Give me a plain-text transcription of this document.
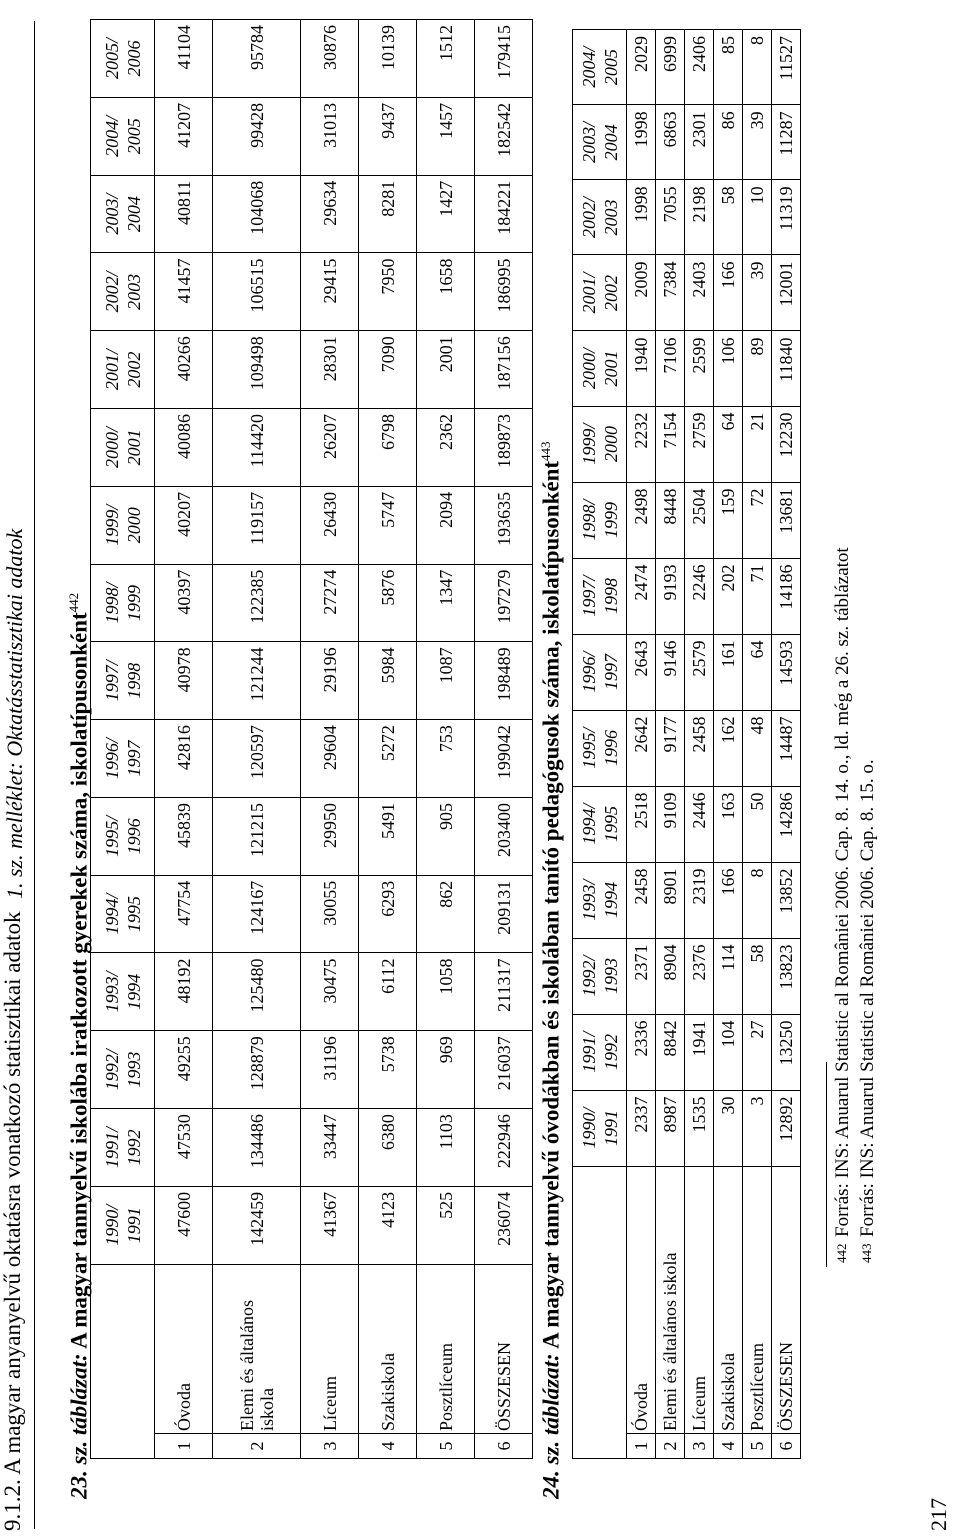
1. sz. melléklet: Oktatásstatisztikai adatok
217
9.1.2. A magyar anyanyelvű oktatásra vonatkozó statisztikai adatok 23. sz. táblázat: A magyar tannyelvű iskolába iratkozott gyerekek száma, iskolatípusonként$^{442}$
		1990/ 1991	1991/ 1992	1992/ 1993	1993/ 1994	1994/ 1995	1995/ 1996	1996/ 1997	1997/ 1998	1998/ 1999	1999/ 2000	2000/ 2001	2001/ 2002	2002/ 2003	2003/ 2004	2004/ 2005	2005/ 2006
1	Óvoda	47600	47530	49255	48192	47754	45839	42816	40978	40397	40207	40086	40266	41457	40811	41207	41104
2	Elemi és általános iskola	142459	134486	128879	125480	124167	121215	120597	121244	122385	119157	114420	109498	106515	104068	99428	95784
3	Líceum	41367	33447	31196	30475	30055	29950	29604	29196	27274	26430	26207	28301	29415	29634	31013	30876
4	Szakiskola	4123	6380	5738	6112	6293	5491	5272	5984	5876	5747	6798	7090	7950	8281	9437	10139
5	Posztlíceum	525	1103	969	1058	862	905	753	1087	1347	2094	2362	2001	1658	1427	1457	1512
6	ÖSSZESEN	236074	222946	216037	211317	209131	203400	199042	198489	197279	193635	189873	187156	186995	184221	182542	179415
24. sz. táblázat: A magyar tannyelvű óvodákban és iskolában tanító pedagógusok száma, iskolatípusonként$^{443}$
		1990/ 1991	1991/ 1992	1992/ 1993	1993/ 1994	1994/ 1995	1995/ 1996	1996/ 1997	1997/ 1998	1998/ 1999	1999/ 2000	2000/ 2001	2001/ 2002	2002/ 2003	2003/ 2004	2004/ 2005
1	Óvoda	2337	2336	2371	2458	2518	2642	2643	2474	2498	2232	1940	2009	1998	1998	2029
2	Elemi és általános iskola	8987	8842	8904	8901	9109	9177	9146	9193	8448	7154	7106	7384	7055	6863	6999
3	Líceum	1535	1941	2376	2319	2446	2458	2579	2246	2504	2759	2599	2403	2198	2301	2406
4	Szakiskola	30	104	114	166	163	162	161	202	159	64	106	166	58	86	85
5	Posztlíceum	3	27	58	8	50	48	64	71	72	21	89	39	10	39	8
6	ÖSSZESEN	12892	13250	13823	13852	14286	14487	14593	14186	13681	12230	11840	12001	11319	11287	11527
442Forrás: INS: Anuarul Statistic al României 2006. Cap. 8. 14. o., ld. még a 26. sz. táblázatot
443Forrás: INS: Anuarul Statistic al României 2006. Cap. 8. 15. o.
